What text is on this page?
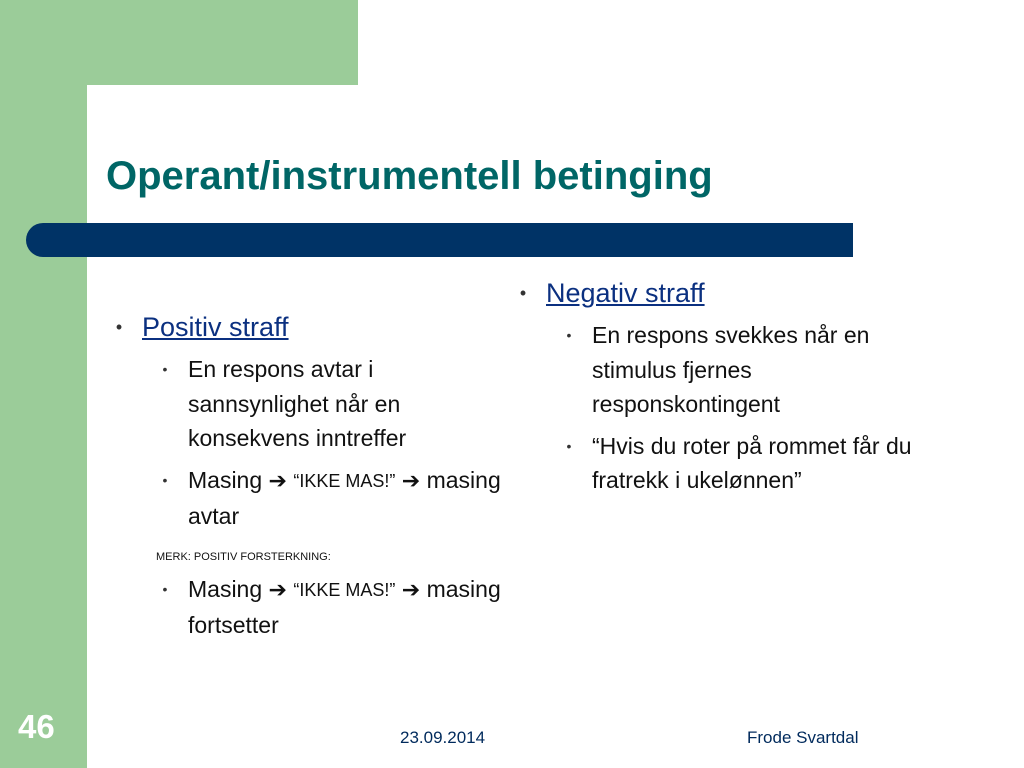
Operant/instrumentell betinging
• Positiv straff
• En respons avtar i sannsynlighet når en konsekvens inntreffer
• Masing ➔ “IKKE MAS!” ➔ masing avtar
MERK: POSITIV FORSTERKNING:
• Masing ➔ “IKKE MAS!” ➔ masing fortsetter
• Negativ straff
• En respons svekkes når en stimulus fjernes responskontingent
• “Hvis du roter på rommet får du fratrekk i ukelønnen”
46	23.09.2014	Frode Svartdal
